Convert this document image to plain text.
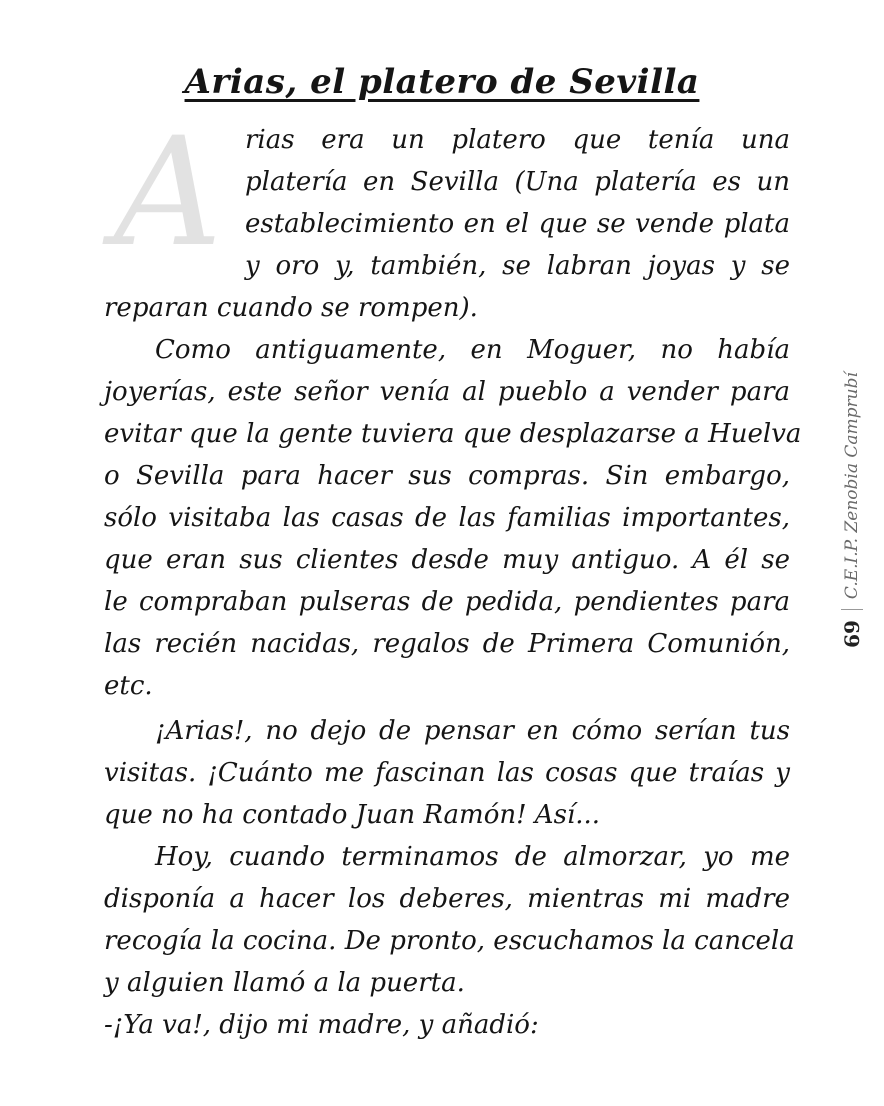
Arias, el platero de Sevilla
A rias era un platero que tenía una
platería en Sevilla (Una platería es un
establecimiento en el que se vende plata
y oro y, también, se labran joyas y se
reparan cuando se rompen).
Como antiguamente, en Moguer, no había
joyerías, este señor venía al pueblo a vender para
evitar que la gente tuviera que desplazarse a Huelva
o Sevilla para hacer sus compras. Sin embargo,
sólo visitaba las casas de las familias importantes,
que eran sus clientes desde muy antiguo. A él se
le compraban pulseras de pedida, pendientes para
las recién nacidas, regalos de Primera Comunión,
etc.
¡Arias!, no dejo de pensar en cómo serían tus
visitas. ¡Cuánto me fascinan las cosas que traías y
que no ha contado Juan Ramón! Así...
Hoy, cuando terminamos de almorzar, yo me
disponía a hacer los deberes, mientras mi madre
recogía la cocina. De pronto, escuchamos la cancela
y alguien llamó a la puerta.
-¡Ya va!, dijo mi madre, y añadió:
69
C.E.I.P. Zenobia Camprubí
